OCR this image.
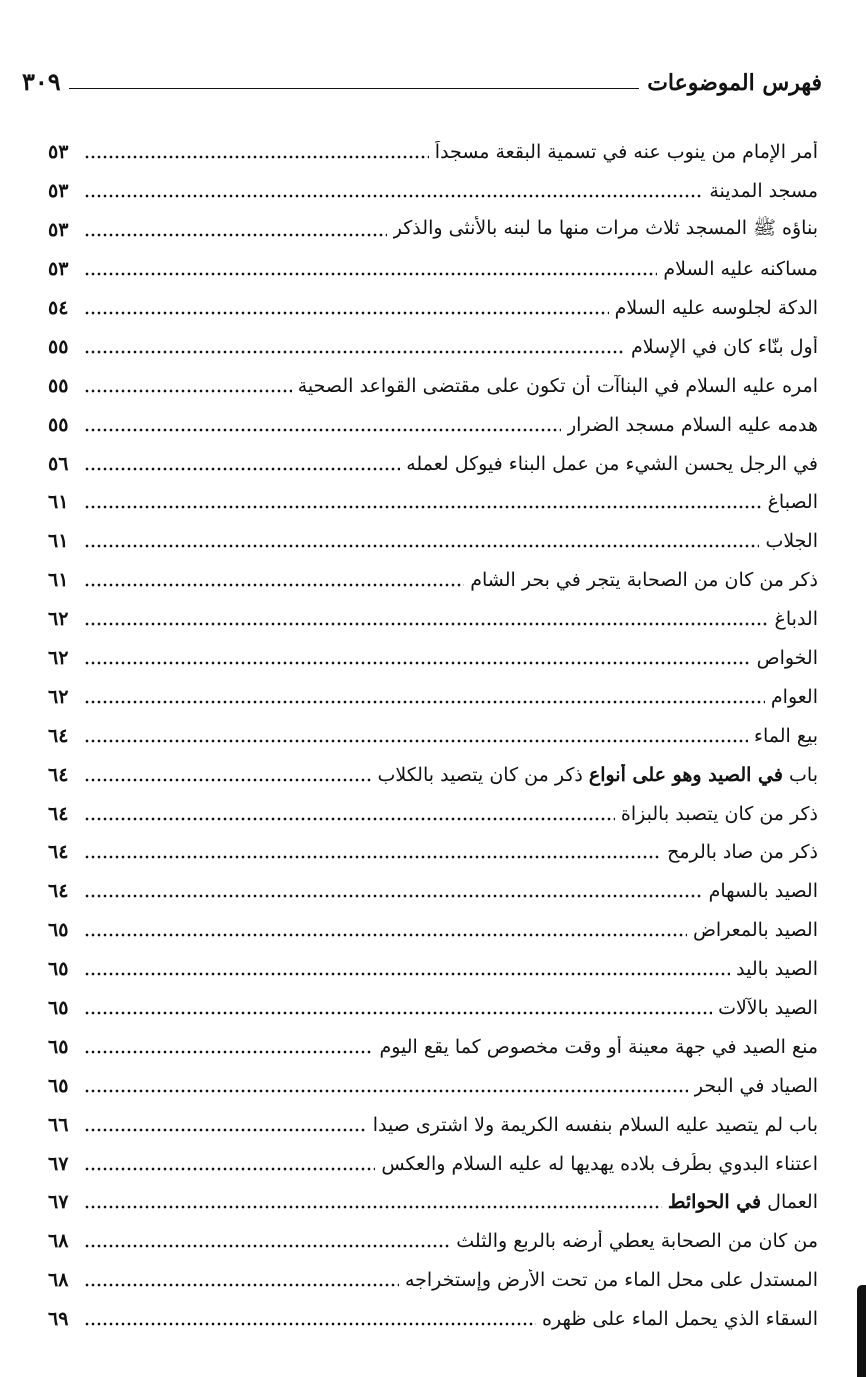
فهرس الموضوعات
٣٠٩
أمر الإمام من ينوب عنه في تسمية البقعة مسجداً
٥٣
مسجد المدينة
٥٣
بناؤه ﷺ المسجد ثلاث مرات منها ما لبنه بالأنثى والذكر
٥٣
مساكنه عليه السلام
٥٣
الدكة لجلوسه عليه السلام
٥٤
أول بنّاء كان في الإسلام
٥٥
امره عليه السلام في البناآت أن تكون على مقتضى القواعد الصحية
٥٥
هدمه عليه السلام مسجد الضرار
٥٥
في الرجل يحسن الشيء من عمل البناء فيوكل لعمله
٥٦
الصباغ
٦١
الجلاب
٦١
ذكر من كان من الصحابة يتجر في بحر الشام
٦١
الدباغ
٦٢
الخواص
٦٢
العوام
٦٢
بيع الماء
٦٤
باب في الصيد وهو على أنواع ذكر من كان يتصيد بالكلاب
٦٤
ذكر من كان يتصبد بالبزاة
٦٤
ذكر من صاد بالرمح
٦٤
الصيد بالسهام
٦٤
الصيد بالمعراض
٦٥
الصيد باليد
٦٥
الصيد بالآلات
٦٥
منع الصيد في جهة معينة أو وقت مخصوص كما يقع اليوم
٦٥
الصياد في البحر
٦٥
باب لم يتصيد عليه السلام بنفسه الكريمة ولا اشترى صيدا
٦٦
اعتناء البدوي بطُرف بلاده يهديها له عليه السلام والعكس
٦٧
العمال في الحوائط
٦٧
من كان من الصحابة يعطي أرضه بالربع والثلث
٦٨
المستدل على محل الماء من تحت الأرض وإستخراجه
٦٨
السقاء الذي يحمل الماء على ظهره
٦٩
